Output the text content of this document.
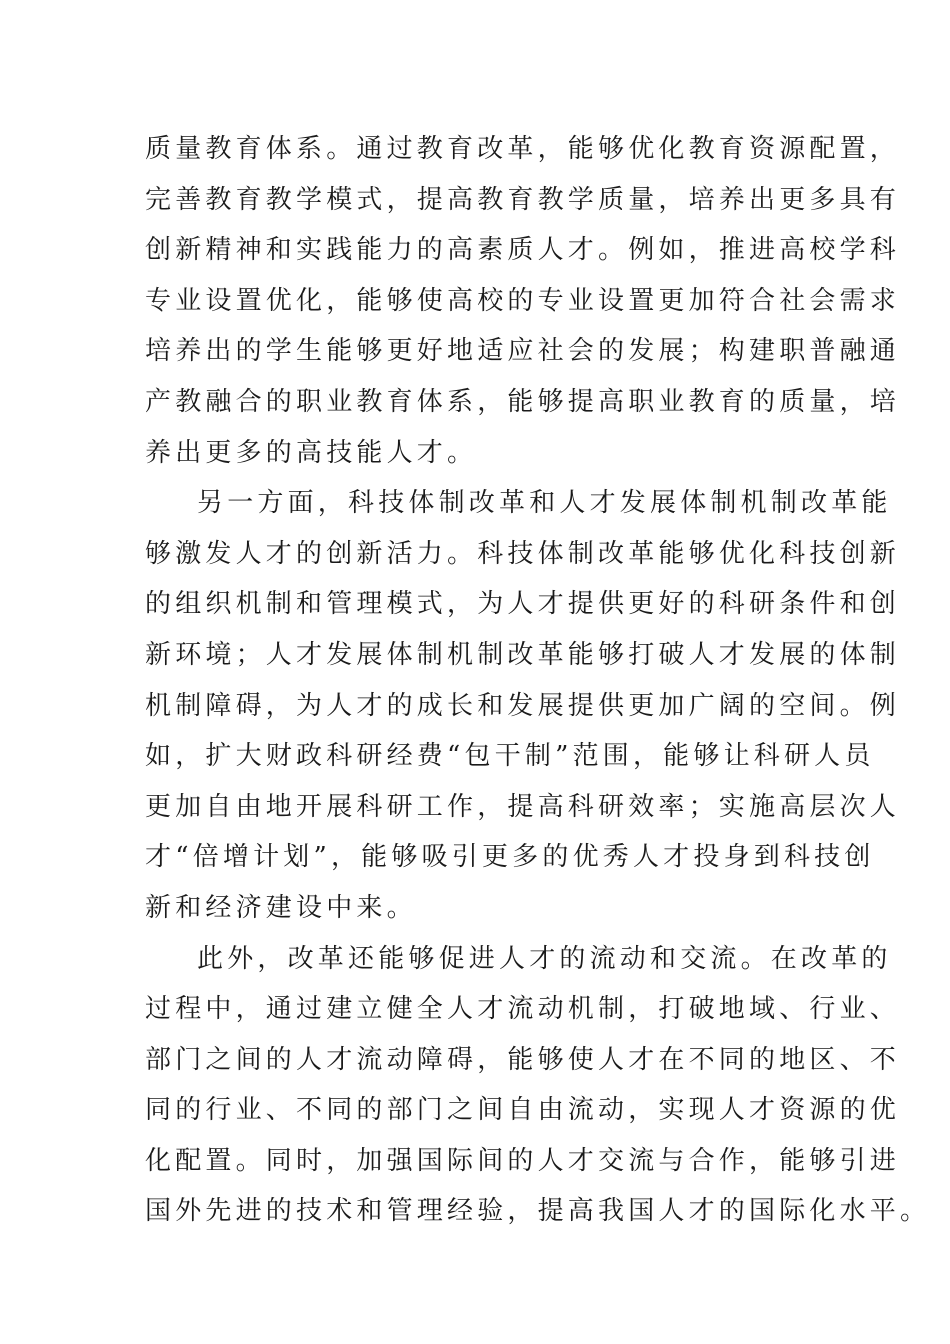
质量教育体系。通过教育改革，能够优化教育资源配置，
完善教育教学模式，提高教育教学质量，培养出更多具有
创新精神和实践能力的高素质人才。例如，推进高校学科
专业设置优化，能够使高校的专业设置更加符合社会需求
培养出的学生能够更好地适应社会的发展；构建职普融通
产教融合的职业教育体系，能够提高职业教育的质量，培
养出更多的高技能人才。
另一方面，科技体制改革和人才发展体制机制改革能
够激发人才的创新活力。科技体制改革能够优化科技创新
的组织机制和管理模式，为人才提供更好的科研条件和创
新环境；人才发展体制机制改革能够打破人才发展的体制
机制障碍，为人才的成长和发展提供更加广阔的空间。例
如，扩大财政科研经费“包干制”范围，能够让科研人员
更加自由地开展科研工作，提高科研效率；实施高层次人
才“倍增计划”，能够吸引更多的优秀人才投身到科技创
新和经济建设中来。
此外，改革还能够促进人才的流动和交流。在改革的
过程中，通过建立健全人才流动机制，打破地域、行业、
部门之间的人才流动障碍，能够使人才在不同的地区、不
同的行业、不同的部门之间自由流动，实现人才资源的优
化配置。同时，加强国际间的人才交流与合作，能够引进
国外先进的技术和管理经验，提高我国人才的国际化水平。
